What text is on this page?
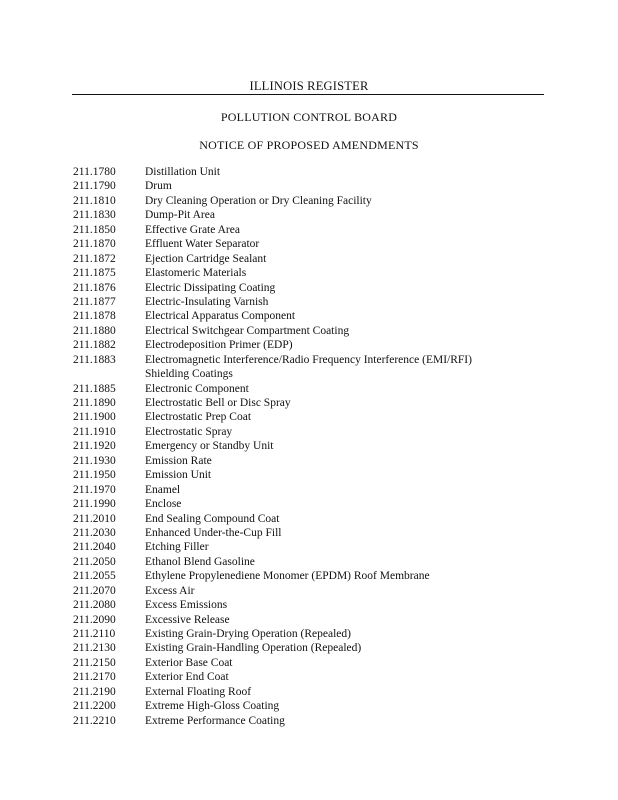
ILLINOIS REGISTER
POLLUTION CONTROL BOARD
NOTICE OF PROPOSED AMENDMENTS
211.1780	Distillation Unit
211.1790	Drum
211.1810	Dry Cleaning Operation or Dry Cleaning Facility
211.1830	Dump-Pit Area
211.1850	Effective Grate Area
211.1870	Effluent Water Separator
211.1872	Ejection Cartridge Sealant
211.1875	Elastomeric Materials
211.1876	Electric Dissipating Coating
211.1877	Electric-Insulating Varnish
211.1878	Electrical Apparatus Component
211.1880	Electrical Switchgear Compartment Coating
211.1882	Electrodeposition Primer (EDP)
211.1883	Electromagnetic Interference/Radio Frequency Interference (EMI/RFI) Shielding Coatings
211.1885	Electronic Component
211.1890	Electrostatic Bell or Disc Spray
211.1900	Electrostatic Prep Coat
211.1910	Electrostatic Spray
211.1920	Emergency or Standby Unit
211.1930	Emission Rate
211.1950	Emission Unit
211.1970	Enamel
211.1990	Enclose
211.2010	End Sealing Compound Coat
211.2030	Enhanced Under-the-Cup Fill
211.2040	Etching Filler
211.2050	Ethanol Blend Gasoline
211.2055	Ethylene Propylenediene Monomer (EPDM) Roof Membrane
211.2070	Excess Air
211.2080	Excess Emissions
211.2090	Excessive Release
211.2110	Existing Grain-Drying Operation (Repealed)
211.2130	Existing Grain-Handling Operation (Repealed)
211.2150	Exterior Base Coat
211.2170	Exterior End Coat
211.2190	External Floating Roof
211.2200	Extreme High-Gloss Coating
211.2210	Extreme Performance Coating
